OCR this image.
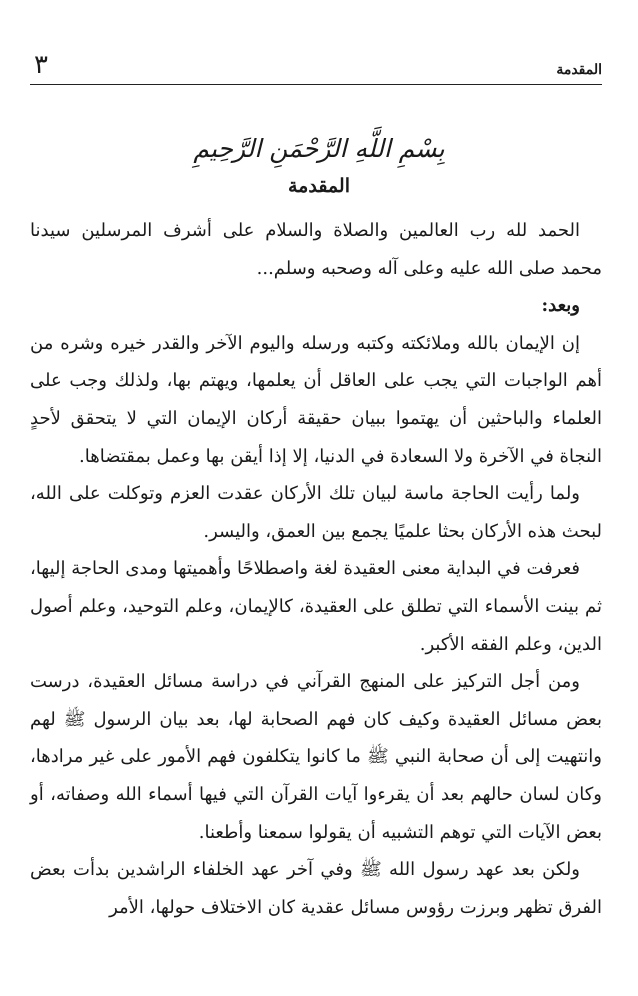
المقدمة
٣
بِسْمِ اللَّهِ الرَّحْمَنِ الرَّحِيمِ
المقدمة

الحمد لله رب العالمين والصلاة والسلام على أشرف المرسلين سيدنا محمد صلى الله عليه وعلى آله وصحبه وسلم...

وبعد:

إن الإيمان بالله وملائكته وكتبه ورسله واليوم الآخر والقدر خيره وشره من أهم الواجبات التي يجب على العاقل أن يعلمها، ويهتم بها، ولذلك وجب على العلماء والباحثين أن يهتموا ببيان حقيقة أركان الإيمان التي لا يتحقق لأحدٍ النجاة في الآخرة ولا السعادة في الدنيا، إلا إذا أيقن بها وعمل بمقتضاها.

ولما رأيت الحاجة ماسة لبيان تلك الأركان عقدت العزم وتوكلت على الله، لبحث هذه الأركان بحثا علميًا يجمع بين العمق، واليسر.

فعرفت في البداية معنى العقيدة لغة واصطلاحًا وأهميتها ومدى الحاجة إليها، ثم بينت الأسماء التي تطلق على العقيدة، كالإيمان، وعلم التوحيد، وعلم أصول الدين، وعلم الفقه الأكبر.

ومن أجل التركيز على المنهج القرآني في دراسة مسائل العقيدة، درست بعض مسائل العقيدة وكيف كان فهم الصحابة لها، بعد بيان الرسول ﷺ لهم وانتهيت إلى أن صحابة النبي ﷺ ما كانوا يتكلفون فهم الأمور على غير مرادها، وكان لسان حالهم بعد أن يقرءوا آيات القرآن التي فيها أسماء الله وصفاته، أو بعض الآيات التي توهم التشبيه أن يقولوا سمعنا وأطعنا.

ولكن بعد عهد رسول الله ﷺ وفي آخر عهد الخلفاء الراشدين بدأت بعض الفرق تظهر وبرزت رؤوس مسائل عقدية كان الاختلاف حولها، الأمر
